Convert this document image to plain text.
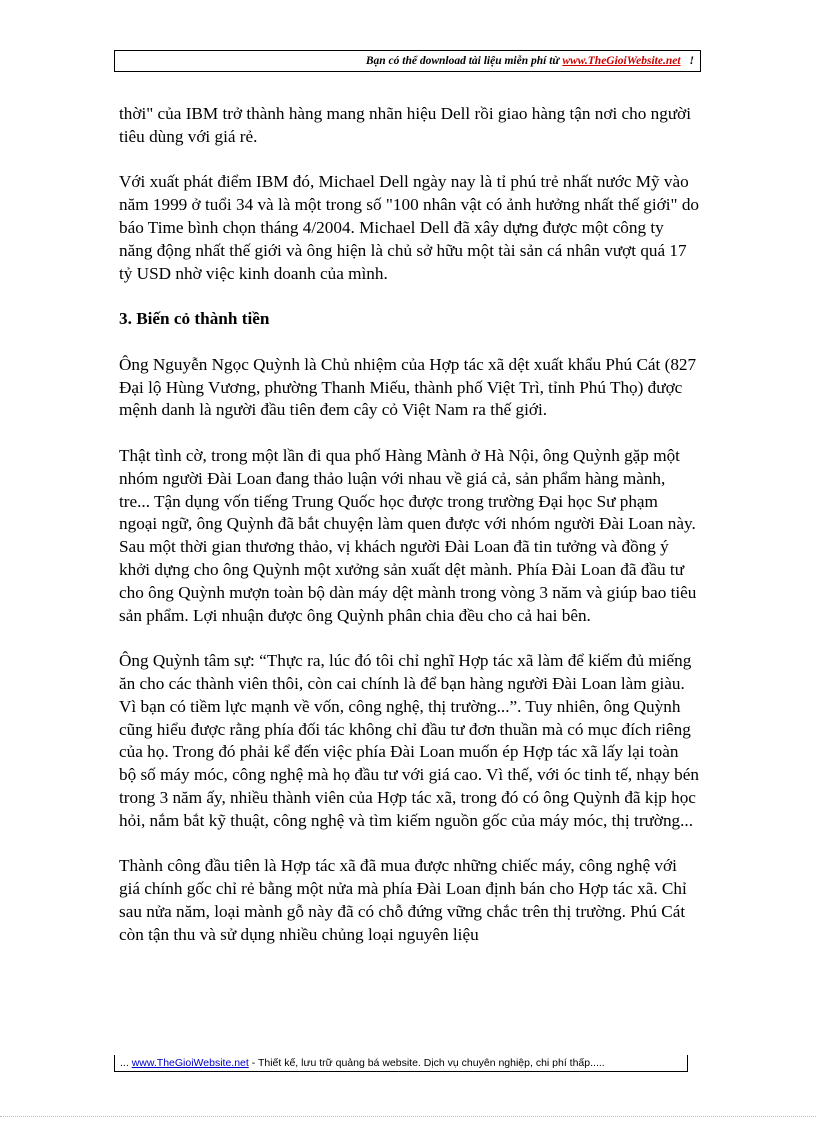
Bạn có thể download tài liệu miễn phí từ www.TheGioiWebsite.net !

thời" của IBM trở thành hàng mang nhãn hiệu Dell rồi giao hàng tận nơi cho người tiêu dùng với giá rẻ.

Với xuất phát điểm IBM đó, Michael Dell ngày nay là tỉ phú trẻ nhất nước Mỹ vào năm 1999 ở tuổi 34 và là một trong số "100 nhân vật có ảnh hưởng nhất thế giới" do báo Time bình chọn tháng 4/2004. Michael Dell đã xây dựng được một công ty năng động nhất thế giới và ông hiện là chủ sở hữu một tài sản cá nhân vượt quá 17 tỷ USD nhờ việc kinh doanh của mình.

3. Biến cỏ thành tiền

Ông Nguyễn Ngọc Quỳnh là Chủ nhiệm của Hợp tác xã dệt xuất khẩu Phú Cát (827 Đại lộ Hùng Vương, phường Thanh Miếu, thành phố Việt Trì, tỉnh Phú Thọ) được mệnh danh là người đầu tiên đem cây cỏ Việt Nam ra thế giới.

Thật tình cờ, trong một lần đi qua phố Hàng Mành ở Hà Nội, ông Quỳnh gặp một nhóm người Đài Loan đang thảo luận với nhau về giá cả, sản phẩm hàng mành, tre... Tận dụng vốn tiếng Trung Quốc học được trong trường Đại học Sư phạm ngoại ngữ, ông Quỳnh đã bắt chuyện làm quen được với nhóm người Đài Loan này. Sau một thời gian thương thảo, vị khách người Đài Loan đã tin tưởng và đồng ý khởi dựng cho ông Quỳnh một xưởng sản xuất dệt mành. Phía Đài Loan đã đầu tư cho ông Quỳnh mượn toàn bộ dàn máy dệt mành trong vòng 3 năm và giúp bao tiêu sản phẩm. Lợi nhuận được ông Quỳnh phân chia đều cho cả hai bên.

Ông Quỳnh tâm sự: “Thực ra, lúc đó tôi chỉ nghĩ Hợp tác xã làm để kiếm đủ miếng ăn cho các thành viên thôi, còn cai chính là để bạn hàng người Đài Loan làm giàu. Vì bạn có tiềm lực mạnh về vốn, công nghệ, thị trường...”. Tuy nhiên, ông Quỳnh cũng hiểu được rằng phía đối tác không chỉ đầu tư đơn thuần mà có mục đích riêng của họ. Trong đó phải kể đến việc phía Đài Loan muốn ép Hợp tác xã lấy lại toàn bộ số máy móc, công nghệ mà họ đầu tư với giá cao. Vì thế, với óc tinh tế, nhạy bén trong 3 năm ấy, nhiều thành viên của Hợp tác xã, trong đó có ông Quỳnh đã kịp học hỏi, nắm bắt kỹ thuật, công nghệ và tìm kiếm nguồn gốc của máy móc, thị trường...

Thành công đầu tiên là Hợp tác xã đã mua được những chiếc máy, công nghệ với giá chính gốc chỉ rẻ bằng một nửa mà phía Đài Loan định bán cho Hợp tác xã. Chỉ sau nửa năm, loại mành gỗ này đã có chỗ đứng vững chắc trên thị trường. Phú Cát còn tận thu và sử dụng nhiều chủng loại nguyên liệu

... www.TheGioiWebsite.net - Thiết kế, lưu trữ quảng bá website. Dịch vụ chuyên nghiệp, chi phí thấp.....
